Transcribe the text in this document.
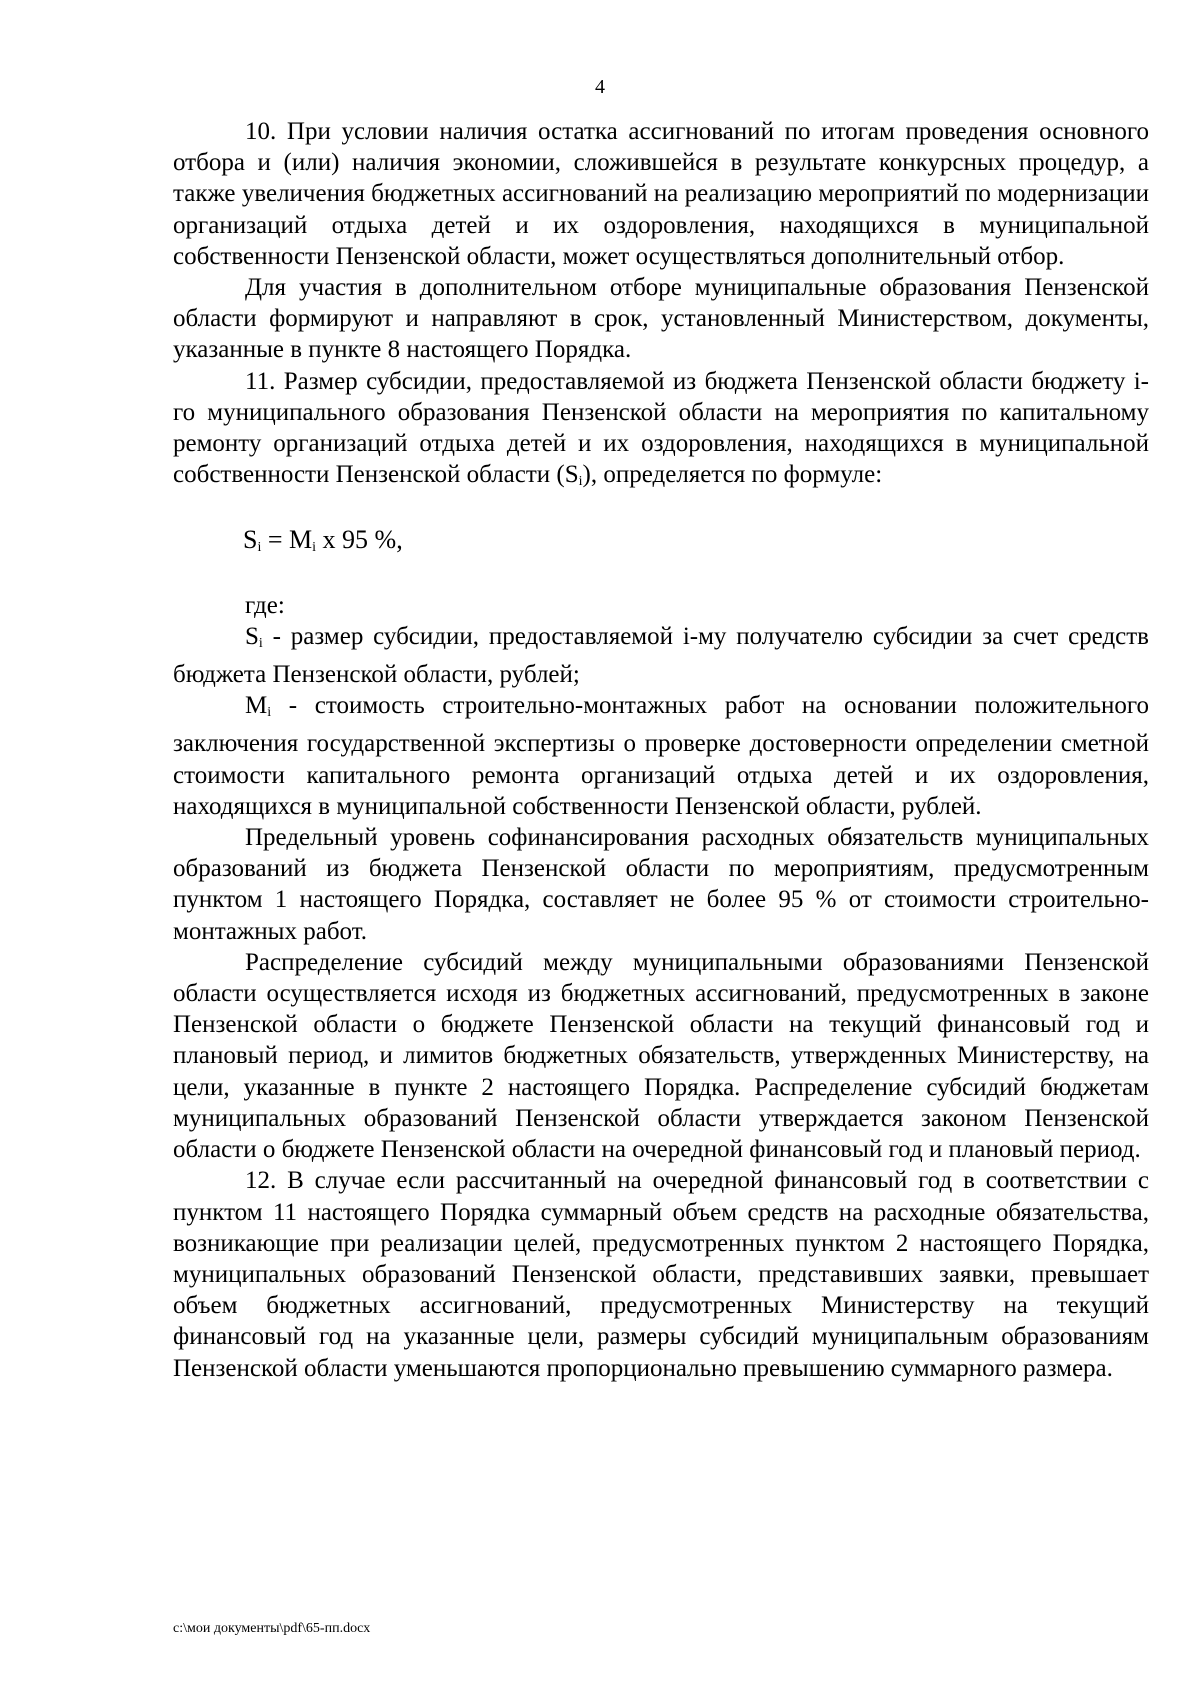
4

10. При условии наличия остатка ассигнований по итогам проведения основного отбора и (или) наличия экономии, сложившейся в результате конкурсных процедур, а также увеличения бюджетных ассигнований на реализацию мероприятий по модернизации организаций отдыха детей и их оздоровления, находящихся в муниципальной собственности Пензенской области, может осуществляться дополнительный отбор.

Для участия в дополнительном отборе муниципальные образования Пензенской области формируют и направляют в срок, установленный Министерством, документы, указанные в пункте 8 настоящего Порядка.

11. Размер субсидии, предоставляемой из бюджета Пензенской области бюджету i-го муниципального образования Пензенской области на мероприятия по капитальному ремонту организаций отдыха детей и их оздоровления, находящихся в муниципальной собственности Пензенской области $(S_i)$, определяется по формуле:

$S_i = M_i$ x 95 %,

где:

$S_i$ - размер субсидии, предоставляемой i-му получателю субсидии за счет средств бюджета Пензенской области, рублей;

$M_i$ - стоимость строительно-монтажных работ на основании положительного заключения государственной экспертизы о проверке достоверности определении сметной стоимости капитального ремонта организаций отдыха детей и их оздоровления, находящихся в муниципальной собственности Пензенской области, рублей.

Предельный уровень софинансирования расходных обязательств муниципальных образований из бюджета Пензенской области по мероприятиям, предусмотренным пунктом 1 настоящего Порядка, составляет не более 95 % от стоимости строительно-монтажных работ.

Распределение субсидий между муниципальными образованиями Пензенской области осуществляется исходя из бюджетных ассигнований, предусмотренных в законе Пензенской области о бюджете Пензенской области на текущий финансовый год и плановый период, и лимитов бюджетных обязательств, утвержденных Министерству, на цели, указанные в пункте 2 настоящего Порядка. Распределение субсидий бюджетам муниципальных образований Пензенской области утверждается законом Пензенской области о бюджете Пензенской области на очередной финансовый год и плановый период.

12. В случае если рассчитанный на очередной финансовый год в соответствии с пунктом 11 настоящего Порядка суммарный объем средств на расходные обязательства, возникающие при реализации целей, предусмотренных пунктом 2 настоящего Порядка, муниципальных образований Пензенской области, представивших заявки, превышает объем бюджетных ассигнований, предусмотренных Министерству на текущий финансовый год на указанные цели, размеры субсидий муниципальным образованиям Пензенской области уменьшаются пропорционально превышению суммарного размера.

c:\мои документы\pdf\65-пп.docx
